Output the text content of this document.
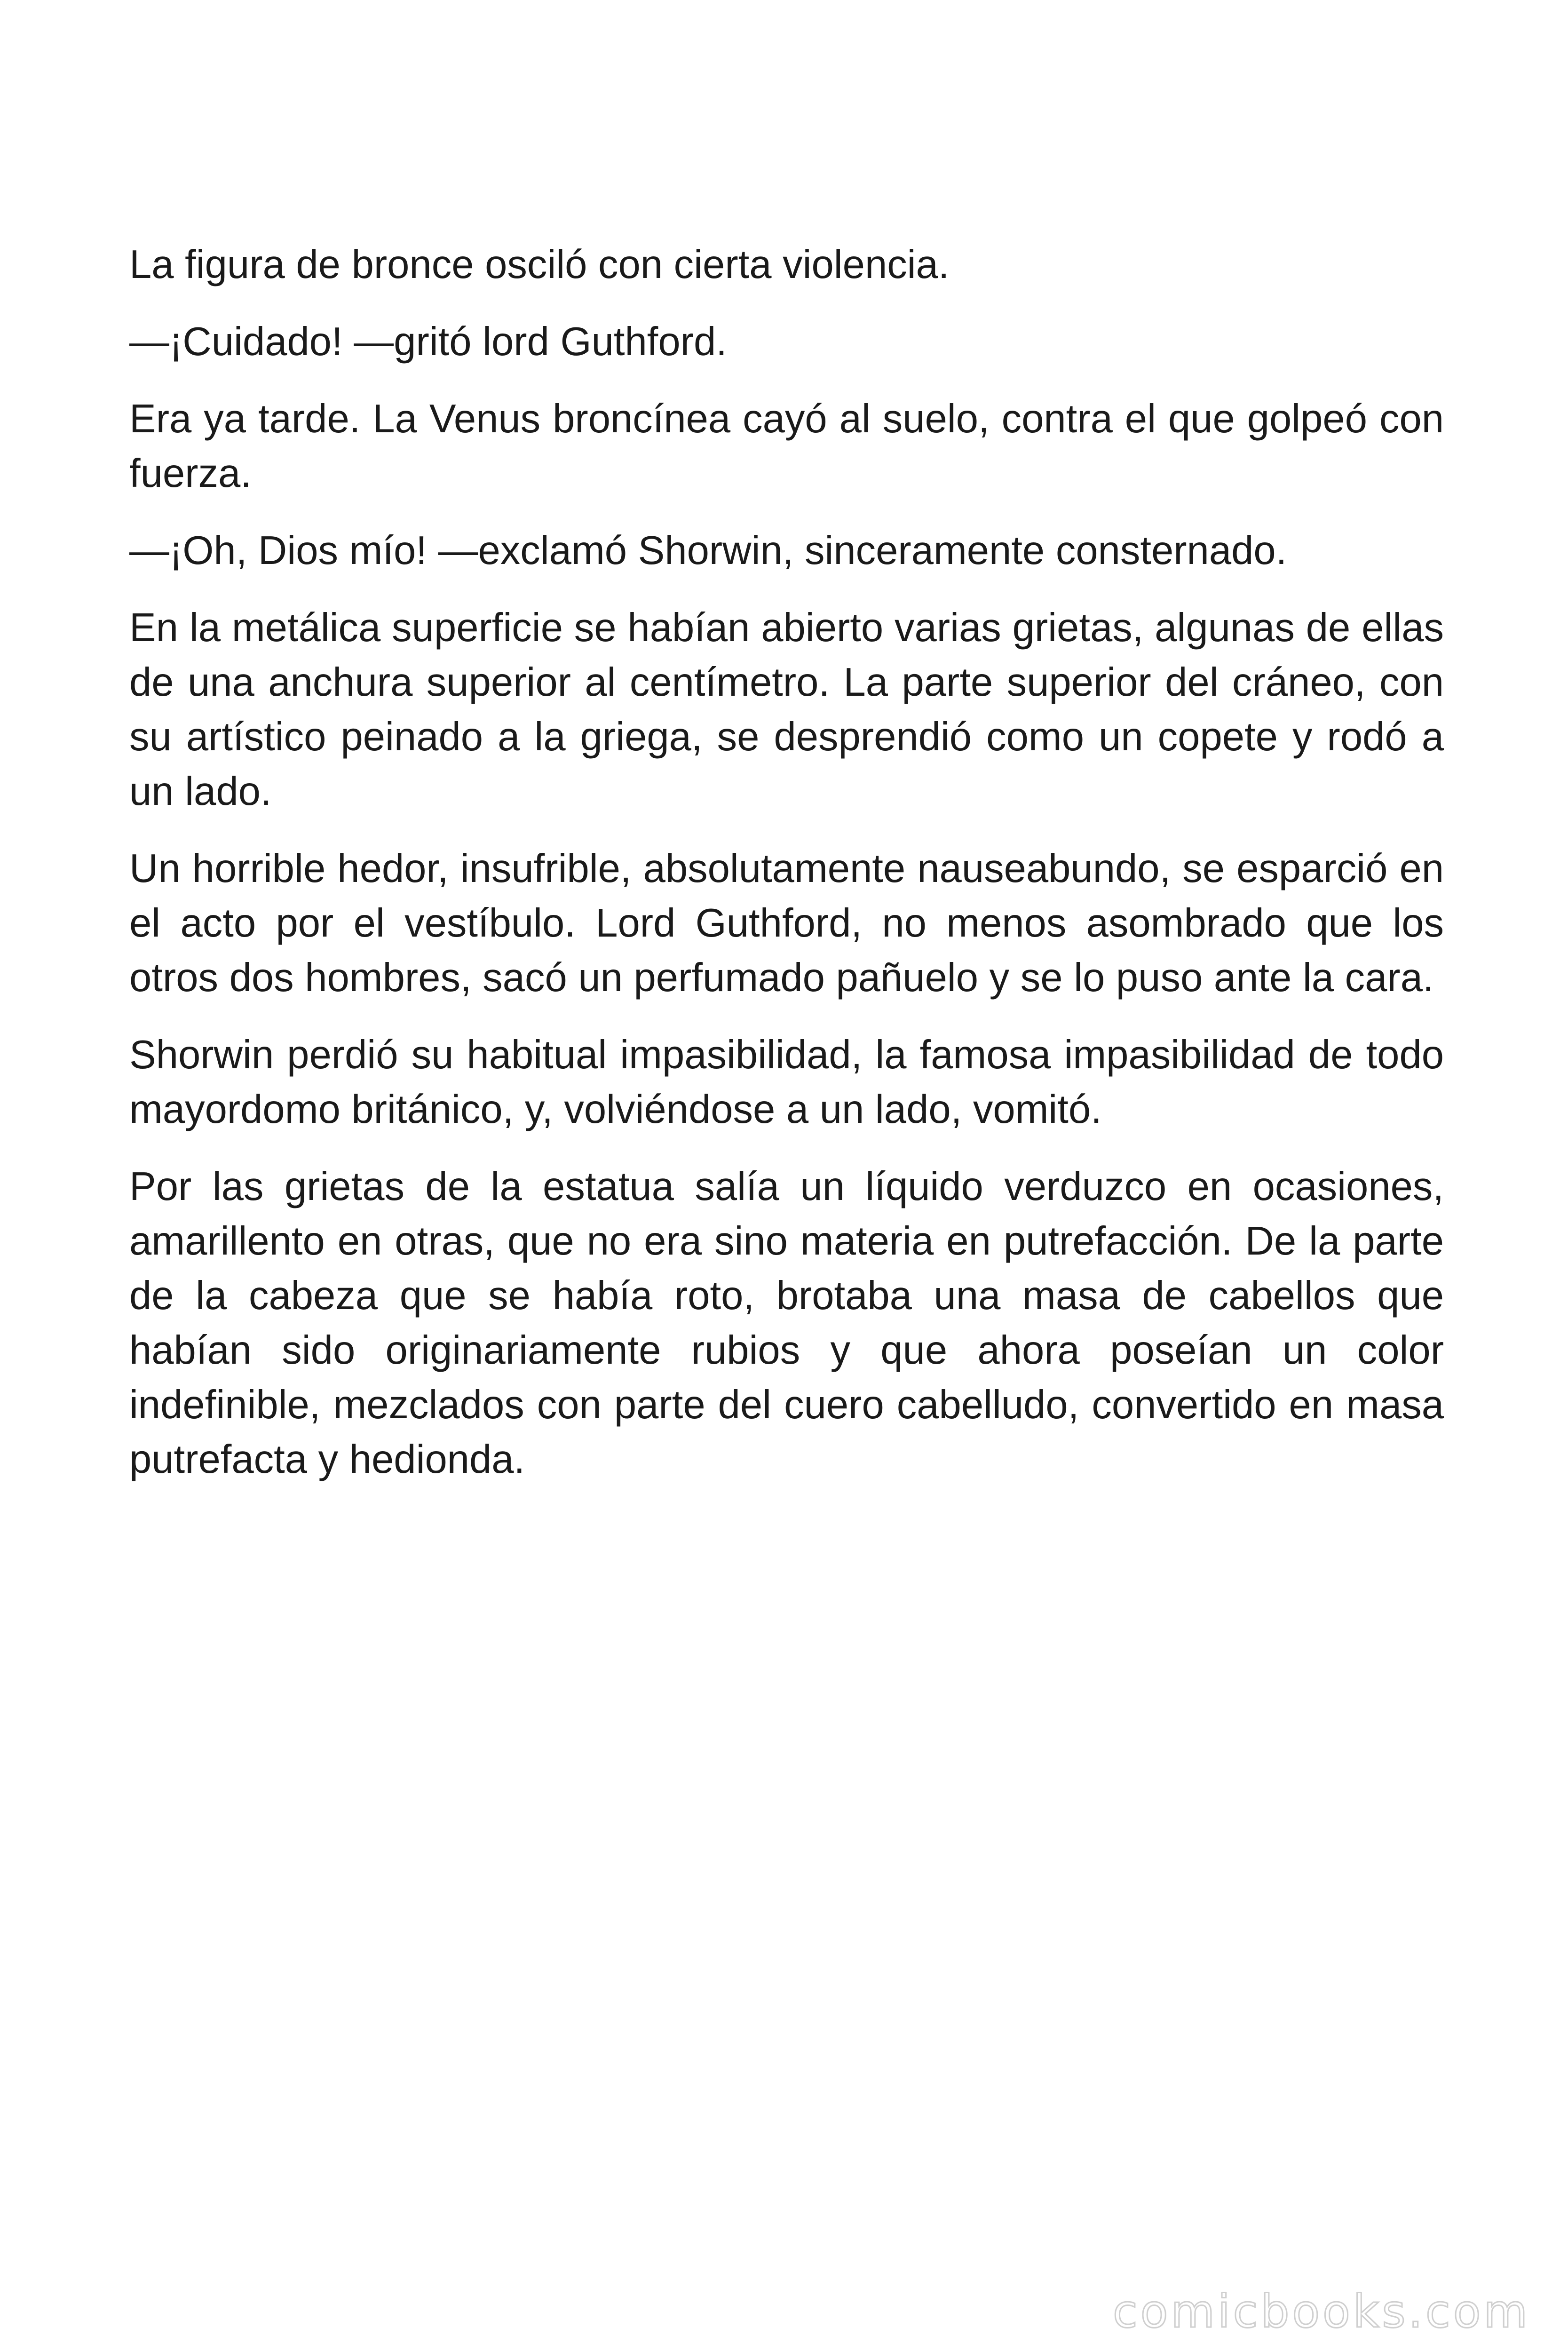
La figura de bronce osciló con cierta violencia.

—¡Cuidado! —gritó lord Guthford.

Era ya tarde. La Venus broncínea cayó al suelo, contra el que golpeó con fuerza.

—¡Oh, Dios mío! —exclamó Shorwin, sinceramente consternado.

En la metálica superficie se habían abierto varias grietas, algunas de ellas de una anchura superior al centímetro. La parte superior del cráneo, con su artístico peinado a la griega, se desprendió como un copete y rodó a un lado.

Un horrible hedor, insufrible, absolutamente nauseabundo, se esparció en el acto por el vestíbulo. Lord Guthford, no menos asombrado que los otros dos hombres, sacó un perfumado pañuelo y se lo puso ante la cara.

Shorwin perdió su habitual impasibilidad, la famosa impasibilidad de todo mayordomo británico, y, volviéndose a un lado, vomitó.

Por las grietas de la estatua salía un líquido verduzco en ocasiones, amarillento en otras, que no era sino materia en putrefacción. De la parte de la cabeza que se había roto, brotaba una masa de cabellos que habían sido originariamente rubios y que ahora poseían un color indefinible, mezclados con parte del cuero cabelludo, convertido en masa putrefacta y hedionda.

comicbooks.com
